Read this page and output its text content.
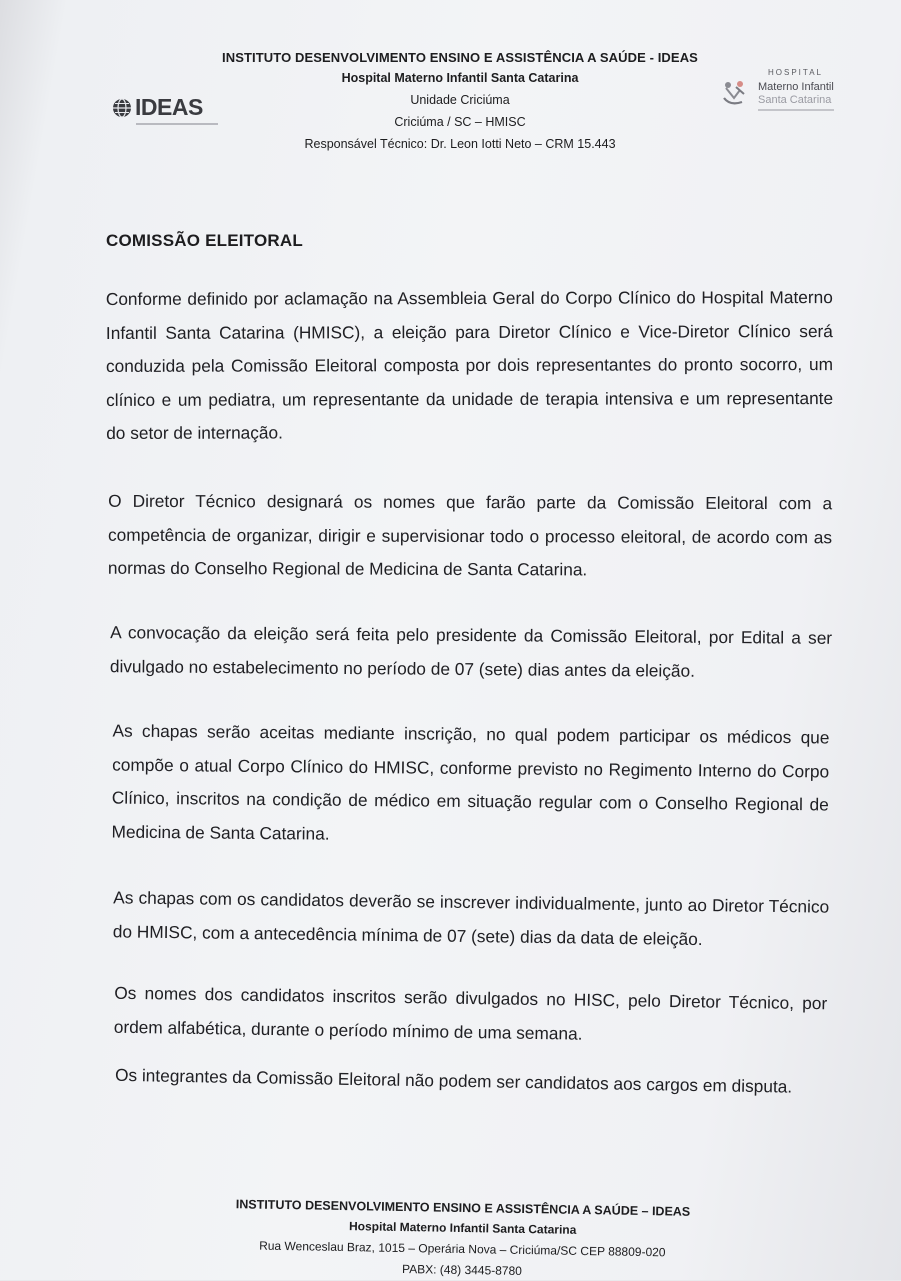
IDEAS
INSTITUTO DESENVOLVIMENTO ENSINO E ASSISTÊNCIA A SAÚDE - IDEAS
Hospital Materno Infantil Santa Catarina
Unidade Criciúma
Criciúma / SC – HMISC
Responsável Técnico: Dr. Leon Iotti Neto – CRM 15.443
HOSPITAL
Materno Infantil
Santa Catarina
COMISSÃO ELEITORAL
Conforme definido por aclamação na Assembleia Geral do Corpo Clínico do Hospital Materno Infantil Santa Catarina (HMISC), a eleição para Diretor Clínico e Vice-Diretor Clínico será conduzida pela Comissão Eleitoral composta por dois representantes do pronto socorro, um clínico e um pediatra, um representante da unidade de terapia intensiva e um representante do setor de internação.
O Diretor Técnico designará os nomes que farão parte da Comissão Eleitoral com a competência de organizar, dirigir e supervisionar todo o processo eleitoral, de acordo com as normas do Conselho Regional de Medicina de Santa Catarina.
A convocação da eleição será feita pelo presidente da Comissão Eleitoral, por Edital a ser divulgado no estabelecimento no período de 07 (sete) dias antes da eleição.
As chapas serão aceitas mediante inscrição, no qual podem participar os médicos que compõe o atual Corpo Clínico do HMISC, conforme previsto no Regimento Interno do Corpo Clínico, inscritos na condição de médico em situação regular com o Conselho Regional de Medicina de Santa Catarina.
As chapas com os candidatos deverão se inscrever individualmente, junto ao Diretor Técnico do HMISC, com a antecedência mínima de 07 (sete) dias da data de eleição.
Os nomes dos candidatos inscritos serão divulgados no HISC, pelo Diretor Técnico, por ordem alfabética, durante o período mínimo de uma semana.
Os integrantes da Comissão Eleitoral não podem ser candidatos aos cargos em disputa.
INSTITUTO DESENVOLVIMENTO ENSINO E ASSISTÊNCIA A SAÚDE – IDEAS
Hospital Materno Infantil Santa Catarina
Rua Wenceslau Braz, 1015 – Operária Nova – Criciúma/SC CEP 88809-020
PABX: (48) 3445-8780
